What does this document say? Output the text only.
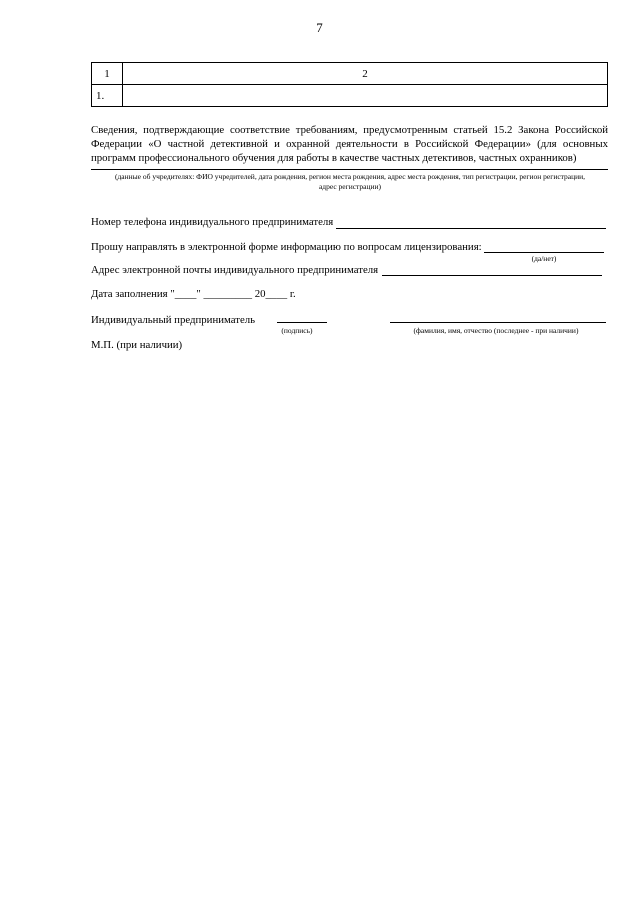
7
1	2
1.	
Сведения, подтверждающие соответствие требованиям, предусмотренным статьей 15.2 Закона Российской Федерации «О частной детективной и охранной деятельности в Российской Федерации» (для основных программ профессионального обучения для работы в качестве частных детективов, частных охранников)
(данные об учредителях: ФИО учредителей, дата рождения, регион места рождения, адрес места рождения, тип регистрации, регион регистрации, адрес регистрации)
Номер телефона индивидуального предпринимателя
Прошу направлять в электронной форме информацию по вопросам лицензирования:
(да/нет)
Адрес электронной почты индивидуального предпринимателя
Дата заполнения "____" _________ 20____ г.
Индивидуальный предприниматель
(подпись)	(фамилия, имя, отчество (последнее - при наличии)
М.П. (при наличии)
